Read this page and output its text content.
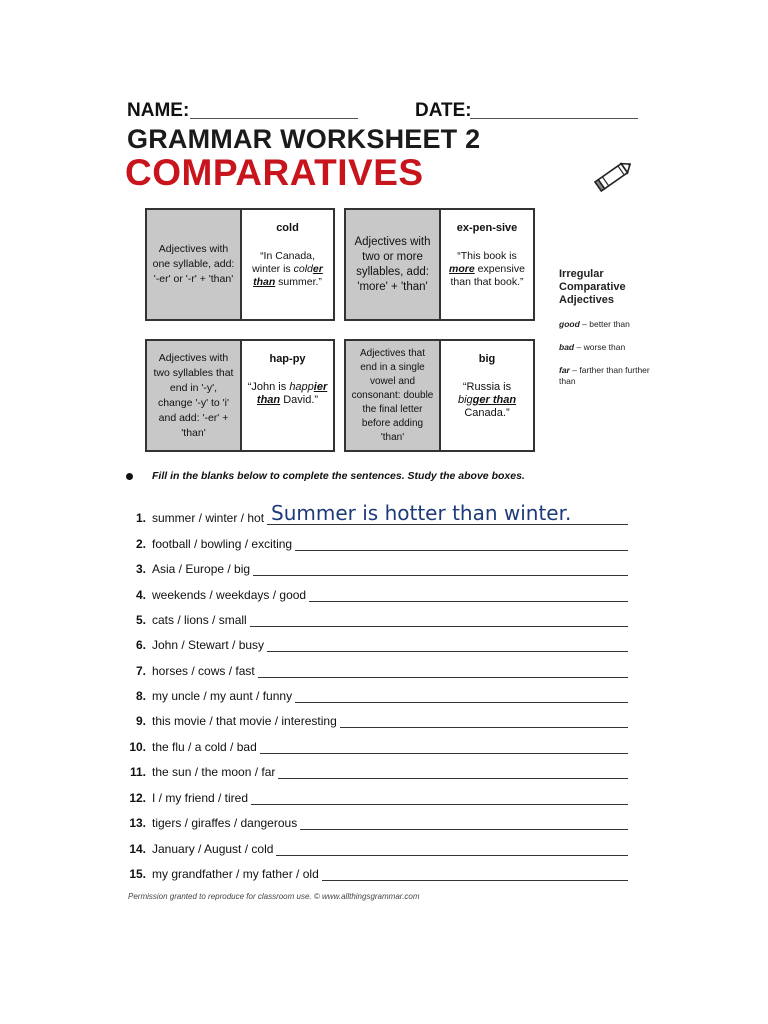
NAME:	DATE:
GRAMMAR WORKSHEET 2
COMPARATIVES
Adjectives with one syllable, add: '-er' or '-r' + 'than'
cold
“In Canada, winter is colder than summer.”
Adjectives with two or more syllables, add: 'more' + 'than'
ex-pen-sive
“This book is more expensive than that book.”
Adjectives with two syllables that end in '-y', change '-y' to 'i' and add: '-er' + 'than'
hap-py
“John is happier than David.”
Adjectives that end in a single vowel and consonant: double the final letter before adding 'than'
big
“Russia is bigger than Canada.”
Irregular Comparative Adjectives
good – better than
bad – worse than
far – farther than further than
Fill in the blanks below to complete the sentences. Study the above boxes.
1. summer / winter / hot Summer is hotter than winter.
2. football / bowling / exciting
3. Asia / Europe / big
4. weekends / weekdays / good
5. cats / lions / small
6. John / Stewart / busy
7. horses / cows / fast
8. my uncle / my aunt / funny
9. this movie / that movie / interesting
10. the flu / a cold / bad
11. the sun / the moon / far
12. I / my friend / tired
13. tigers / giraffes / dangerous
14. January / August / cold
15. my grandfather / my father / old
Permission granted to reproduce for classroom use. © www.allthingsgrammar.com
